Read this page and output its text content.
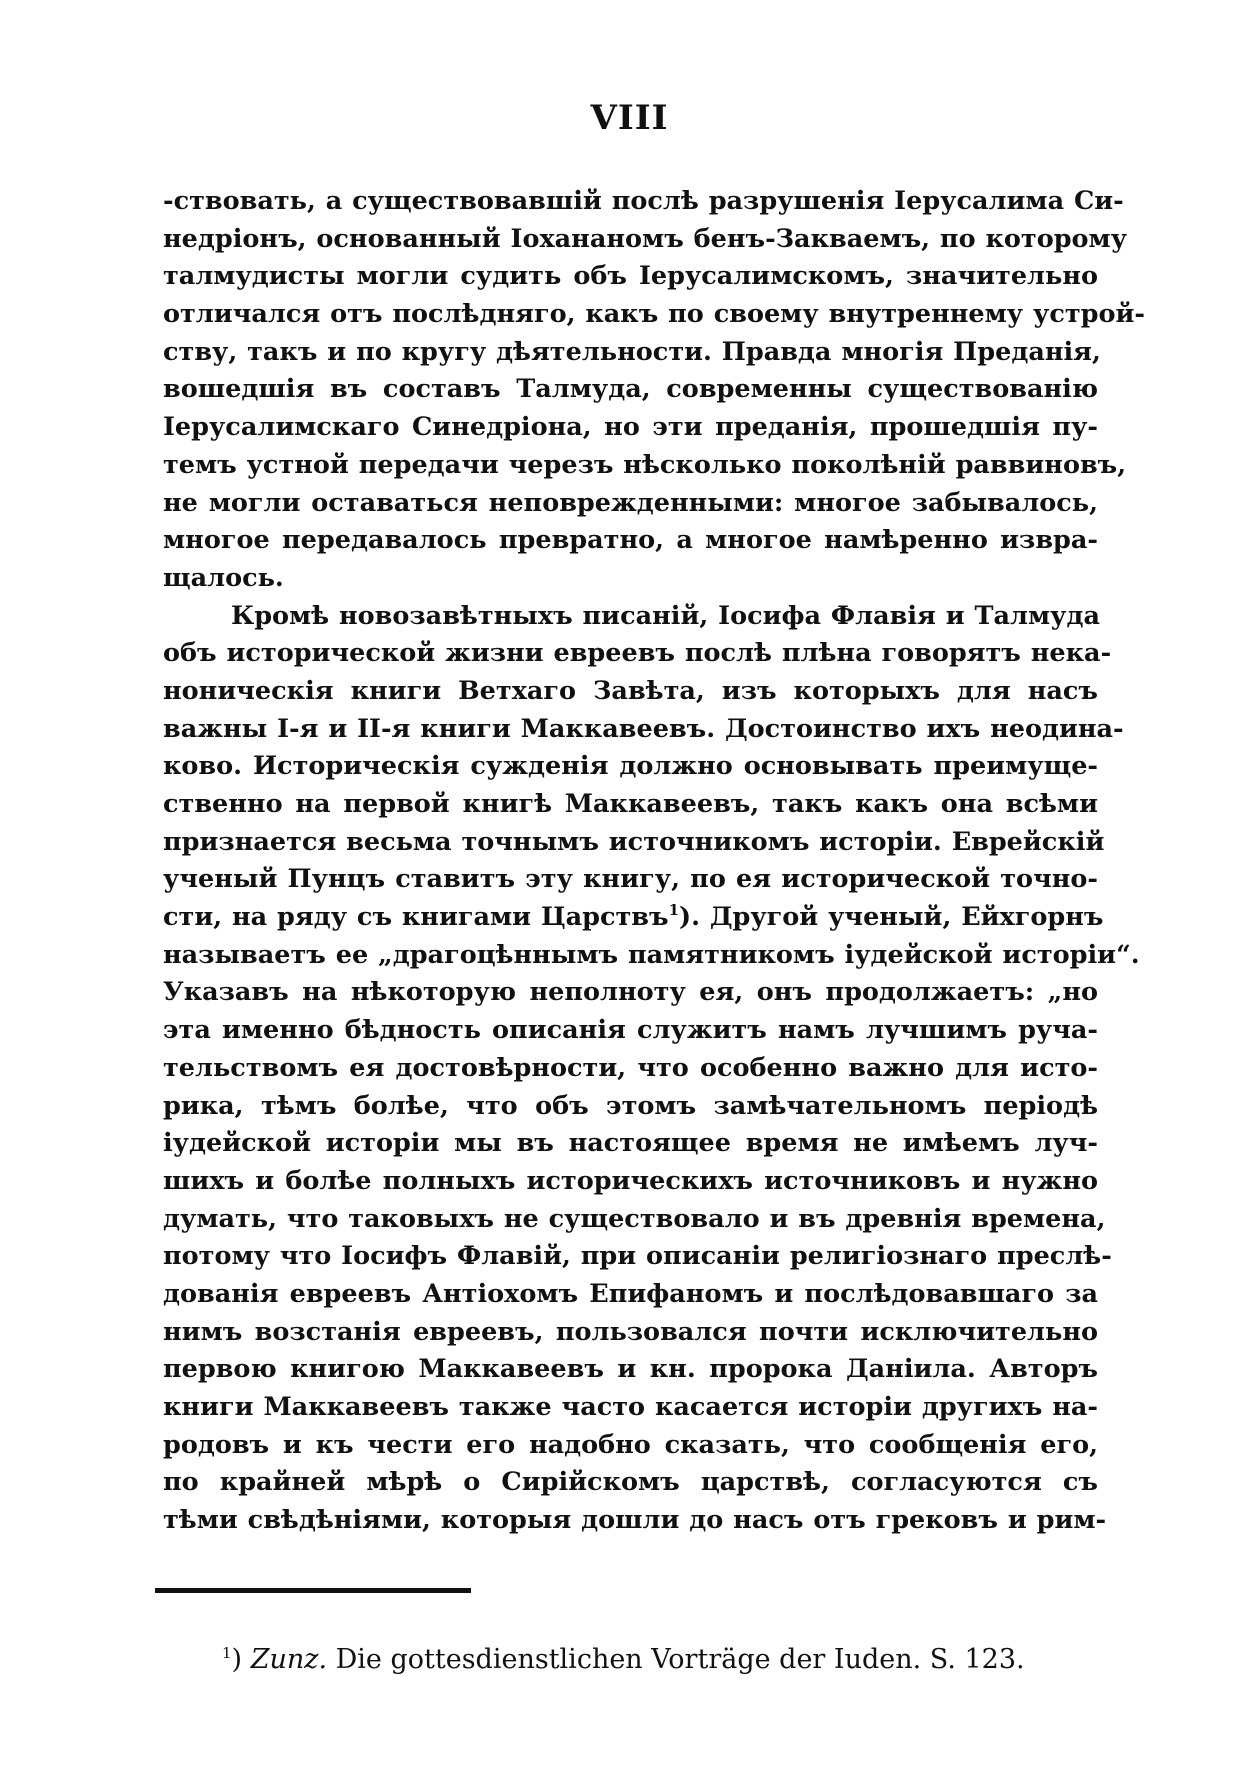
VIII
-ствовать, а существовавшій послѣ разрушенія Іерусалима Си-
недріонъ, основанный Іохананомъ бенъ-Закваемъ, по которому
талмудисты могли судить объ Іерусалимскомъ, значительно
отличался отъ послѣдняго, какъ по своему внутреннему устрой-
ству, такъ и по кругу дѣятельности. Правда многія Преданія,
вошедшія въ составъ Талмуда, современны существованію
Іерусалимскаго Синедріона, но эти преданія, прошедшія пу-
темъ устной передачи черезъ нѣсколько поколѣній раввиновъ,
не могли оставаться неповрежденными: многое забывалось,
многое передавалось превратно, а многое намѣренно извра-
щалось.
Кромѣ новозавѣтныхъ писаній, Іосифа Флавія и Талмуда
объ исторической жизни евреевъ послѣ плѣна говорятъ нека-
ноническія книги Ветхаго Завѣта, изъ которыхъ для насъ
важны І-я и ІІ-я книги Маккавеевъ. Достоинство ихъ неодина-
ково. Историческія сужденія должно основывать преимуще-
ственно на первой книгѣ Маккавеевъ, такъ какъ она всѣми
признается весьма точнымъ источникомъ исторіи. Еврейскій
ученый Пунцъ ставитъ эту книгу, по ея исторической точно-
сти, на ряду съ книгами Царствъ$^1$). Другой ученый, Ейхгорнъ
называетъ ее „драгоцѣннымъ памятникомъ іудейской исторіи“.
Указавъ на нѣкоторую неполноту ея, онъ продолжаетъ: „но
эта именно бѣдность описанія служитъ намъ лучшимъ руча-
тельствомъ ея достовѣрности, что особенно важно для исто-
рика, тѣмъ болѣе, что объ этомъ замѣчательномъ періодѣ
іудейской исторіи мы въ настоящее время не имѣемъ луч-
шихъ и болѣе полныхъ историческихъ источниковъ и нужно
думать, что таковыхъ не существовало и въ древнія времена,
потому что Іосифъ Флавій, при описаніи религіознаго преслѣ-
дованія евреевъ Антіохомъ Епифаномъ и послѣдовавшаго за
нимъ возстанія евреевъ, пользовался почти исключительно
первою книгою Маккавеевъ и кн. пророка Даніила. Авторъ
книги Маккавеевъ также часто касается исторіи другихъ на-
родовъ и къ чести его надобно сказать, что сообщенія его,
по крайней мѣрѣ о Сирійскомъ царствѣ, согласуются съ
тѣми свѣдѣніями, которыя дошли до насъ отъ грековъ и рим-
$^1$) Zunz. Die gottesdienstlichen Vorträge der Iuden. S. 123.
